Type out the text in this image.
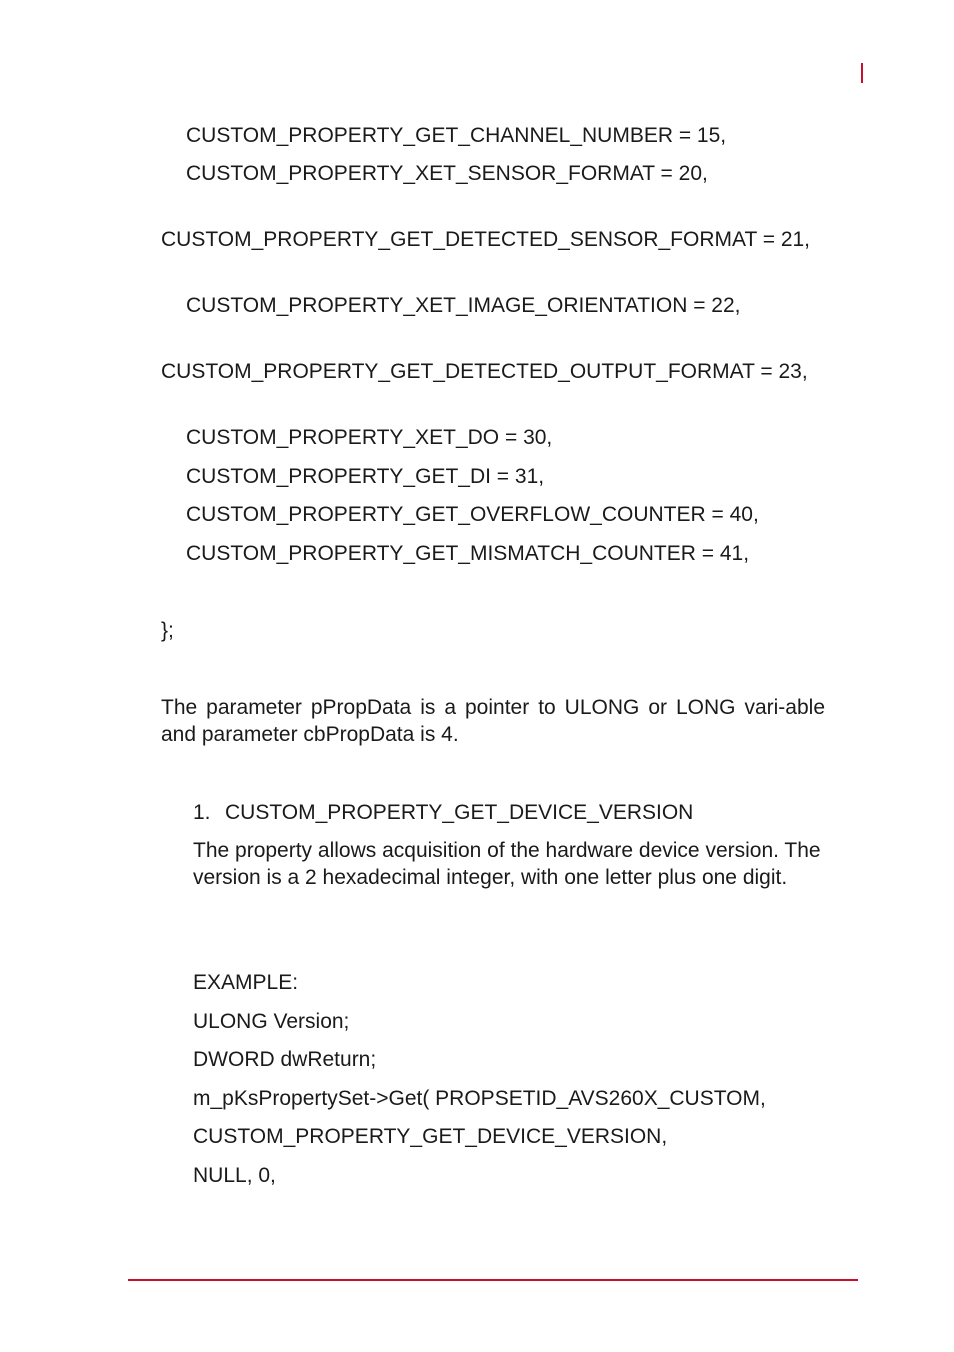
CUSTOM_PROPERTY_GET_CHANNEL_NUMBER = 15,
CUSTOM_PROPERTY_XET_SENSOR_FORMAT = 20,
CUSTOM_PROPERTY_GET_DETECTED_SENSOR_FORMAT = 21,
CUSTOM_PROPERTY_XET_IMAGE_ORIENTATION = 22,
CUSTOM_PROPERTY_GET_DETECTED_OUTPUT_FORMAT = 23,
CUSTOM_PROPERTY_XET_DO = 30,
CUSTOM_PROPERTY_GET_DI = 31,
CUSTOM_PROPERTY_GET_OVERFLOW_COUNTER = 40,
CUSTOM_PROPERTY_GET_MISMATCH_COUNTER = 41,
};
The parameter pPropData is a pointer to ULONG or LONG vari-able and parameter cbPropData is 4.
1. CUSTOM_PROPERTY_GET_DEVICE_VERSION
The property allows acquisition of the hardware device version. The version is a 2 hexadecimal integer, with one letter plus one digit.
EXAMPLE:
ULONG Version;
DWORD dwReturn;
m_pKsPropertySet->Get( PROPSETID_AVS260X_CUSTOM,
CUSTOM_PROPERTY_GET_DEVICE_VERSION,
NULL, 0,
